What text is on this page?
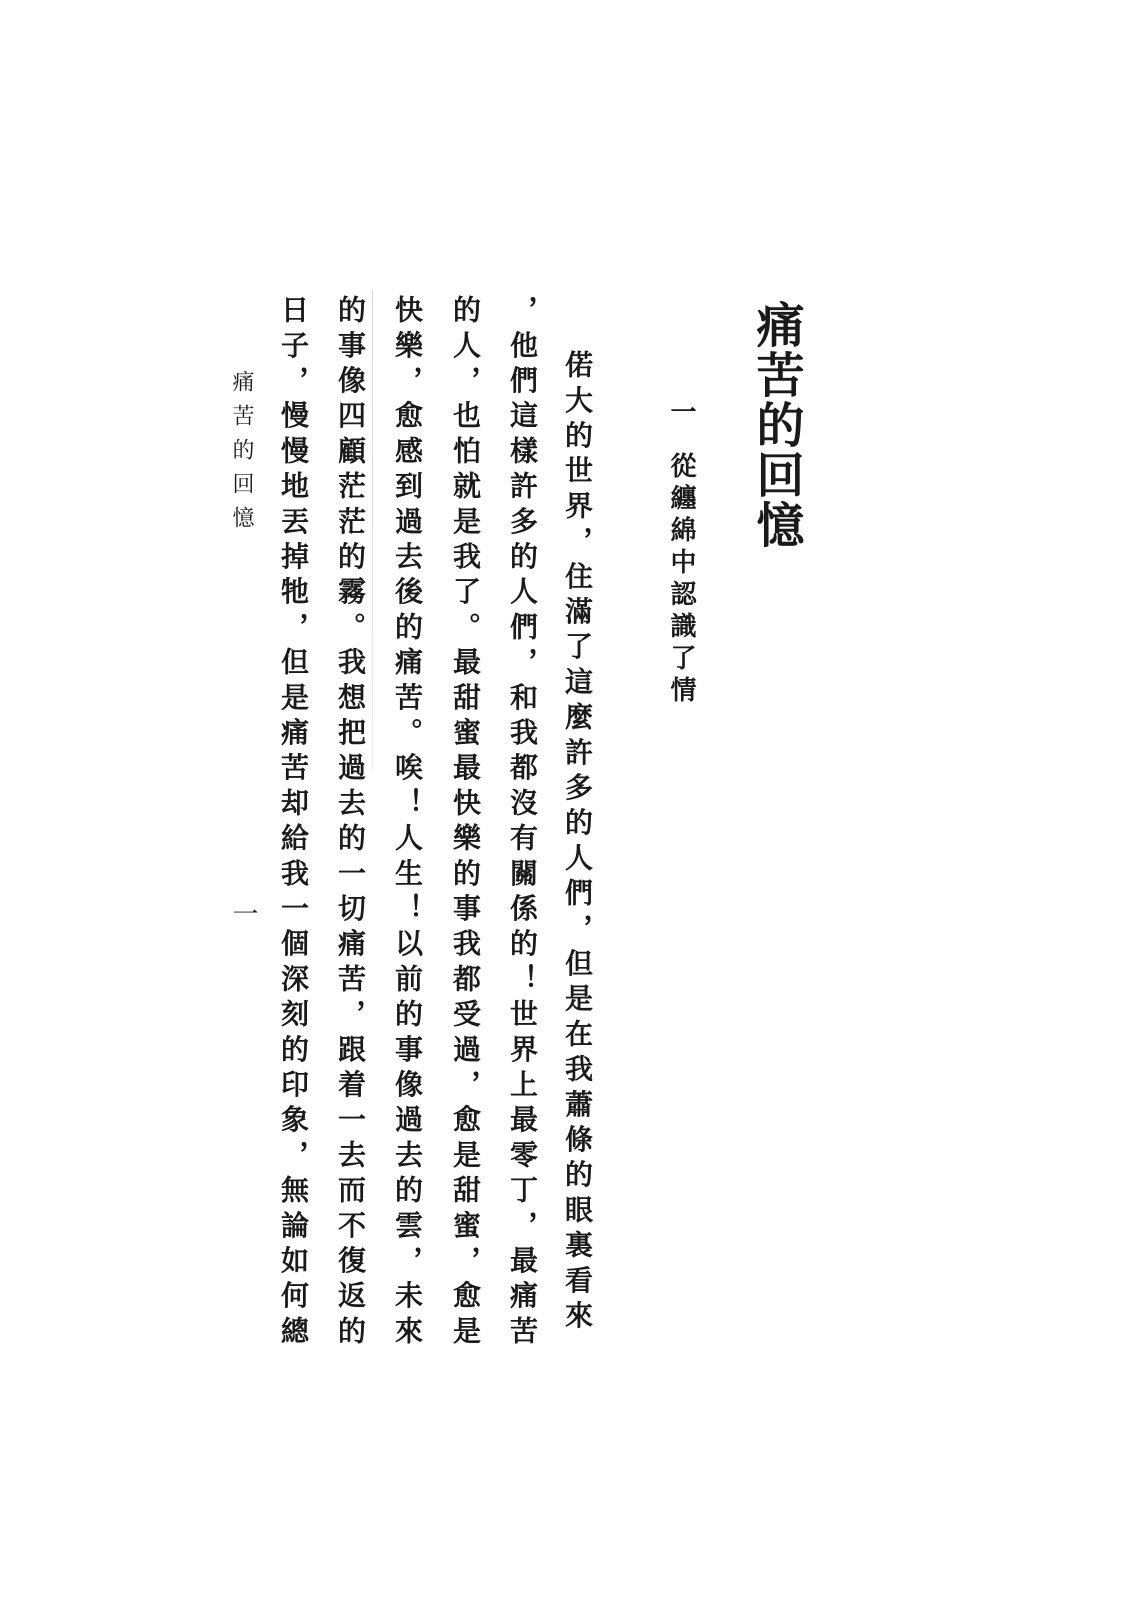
痛苦的回憶
一從纏綿中認識了情
偌大的世界，住滿了這麼許多的人們，但是在我蕭條的眼裏看來
，他們這樣許多的人們，和我都沒有關係的！世界上最零丁，最痛苦
的人，也怕就是我了。最甜蜜最快樂的事我都受過，愈是甜蜜，愈是
快樂，愈感到過去後的痛苦。唉！人生！以前的事像過去的雲，未來
的事像四顧茫茫的霧。我想把過去的一切痛苦，跟着一去而不復返的
日子，慢慢地丟掉牠，但是痛苦却給我一個深刻的印象，無論如何總
痛苦的回憶
一
